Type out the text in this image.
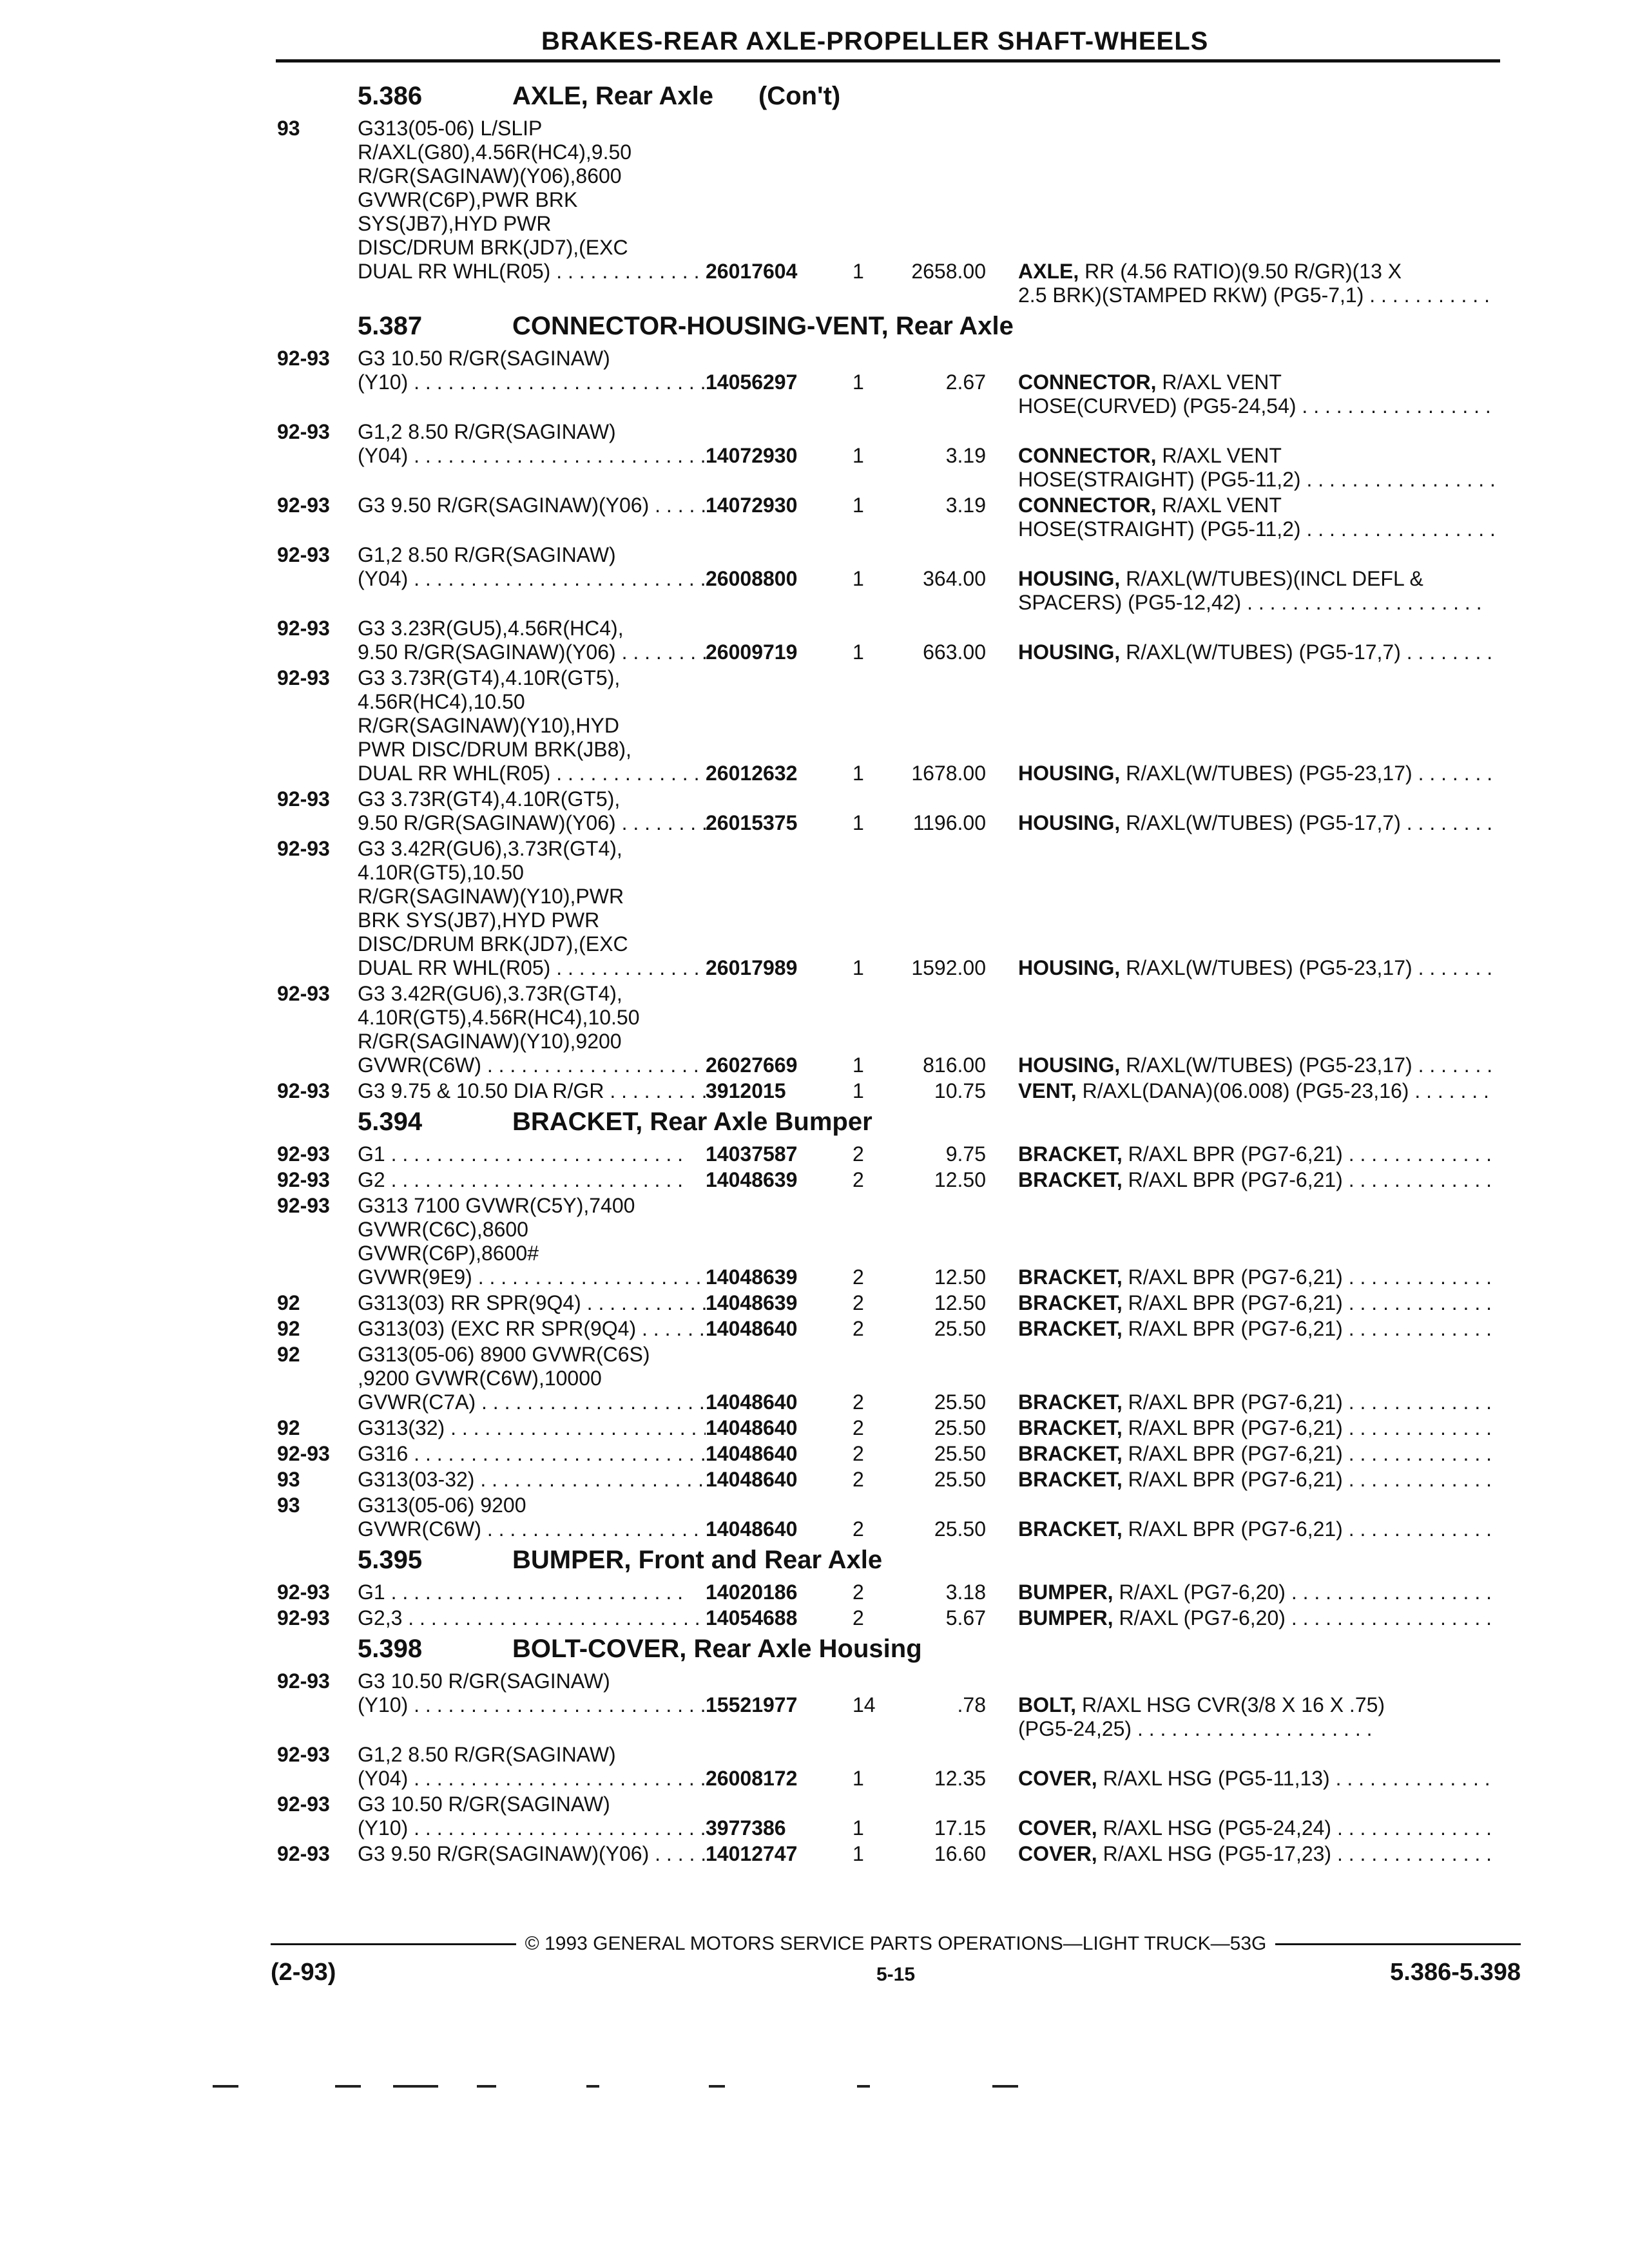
BRAKES-REAR AXLE-PROPELLER SHAFT-WHEELS
5.386	AXLE, Rear Axle (Con't)
93	G313(05-06) L/SLIP
R/AXL(G80),4.56R(HC4),9.50
R/GR(SAGINAW)(Y06),8600
GVWR(C6P),PWR BRK
SYS(JB7),HYD PWR
DISC/DRUM BRK(JD7),(EXC
DUAL RR WHL(R05) . . . .	26017604	1	2658.00	AXLE, RR (4.56 RATIO)(9.50 R/GR)(13 X
2.5 BRK)(STAMPED RKW) (PG5-7,1) . . .
5.387	CONNECTOR-HOUSING-VENT, Rear Axle
92-93	G3 10.50 R/GR(SAGINAW)
(Y10) . . .	14056297	1	2.67	CONNECTOR, R/AXL VENT
HOSE(CURVED) (PG5-24,54) . . .
92-93	G1,2 8.50 R/GR(SAGINAW)
(Y04) . . .	14072930	1	3.19	CONNECTOR, R/AXL VENT
HOSE(STRAIGHT) (PG5-11,2) . . .
92-93	G3 9.50 R/GR(SAGINAW)(Y06) . . .	14072930	1	3.19	CONNECTOR, R/AXL VENT
HOSE(STRAIGHT) (PG5-11,2) . . .
92-93	G1,2 8.50 R/GR(SAGINAW)
(Y04) . . .	26008800	1	364.00	HOUSING, R/AXL(W/TUBES)(INCL DEFL &
SPACERS) (PG5-12,42) . . .
92-93	G3 3.23R(GU5),4.56R(HC4),
9.50 R/GR(SAGINAW)(Y06) . . .	26009719	1	663.00	HOUSING, R/AXL(W/TUBES) (PG5-17,7) . . .
92-93	G3 3.73R(GT4),4.10R(GT5),
4.56R(HC4),10.50
R/GR(SAGINAW)(Y10),HYD
PWR DISC/DRUM BRK(JB8),
DUAL RR WHL(R05) . . .	26012632	1	1678.00	HOUSING, R/AXL(W/TUBES) (PG5-23,17) . . .
92-93	G3 3.73R(GT4),4.10R(GT5),
9.50 R/GR(SAGINAW)(Y06) . . .	26015375	1	1196.00	HOUSING, R/AXL(W/TUBES) (PG5-17,7) . . .
92-93	G3 3.42R(GU6),3.73R(GT4),
4.10R(GT5),10.50
R/GR(SAGINAW)(Y10),PWR
BRK SYS(JB7),HYD PWR
DISC/DRUM BRK(JD7),(EXC
DUAL RR WHL(R05) . . .	26017989	1	1592.00	HOUSING, R/AXL(W/TUBES) (PG5-23,17) . . .
92-93	G3 3.42R(GU6),3.73R(GT4),
4.10R(GT5),4.56R(HC4),10.50
R/GR(SAGINAW)(Y10),9200
GVWR(C6W) . . .	26027669	1	816.00	HOUSING, R/AXL(W/TUBES) (PG5-23,17) . . .
92-93	G3 9.75 & 10.50 DIA R/GR . . .	3912015	1	10.75	VENT, R/AXL(DANA)(06.008) (PG5-23,16) . . .
5.394	BRACKET, Rear Axle Bumper
92-93	G1 . . .	14037587	2	9.75	BRACKET, R/AXL BPR (PG7-6,21) . . .
92-93	G2 . . .	14048639	2	12.50	BRACKET, R/AXL BPR (PG7-6,21) . . .
92-93	G313 7100 GVWR(C5Y),7400
GVWR(C6C),8600
GVWR(C6P),8600#
GVWR(9E9) . . .	14048639	2	12.50	BRACKET, R/AXL BPR (PG7-6,21) . . .
92	G313(03) RR SPR(9Q4) . . .	14048639	2	12.50	BRACKET, R/AXL BPR (PG7-6,21) . . .
92	G313(03) (EXC RR SPR(9Q4) . . .	14048640	2	25.50	BRACKET, R/AXL BPR (PG7-6,21) . . .
92	G313(05-06) 8900 GVWR(C6S)
,9200 GVWR(C6W),10000
GVWR(C7A) . . .	14048640	2	25.50	BRACKET, R/AXL BPR (PG7-6,21) . . .
92	G313(32) . . .	14048640	2	25.50	BRACKET, R/AXL BPR (PG7-6,21) . . .
92-93	G316 . . .	14048640	2	25.50	BRACKET, R/AXL BPR (PG7-6,21) . . .
93	G313(03-32) . . .	14048640	2	25.50	BRACKET, R/AXL BPR (PG7-6,21) . . .
93	G313(05-06) 9200
GVWR(C6W) . . .	14048640	2	25.50	BRACKET, R/AXL BPR (PG7-6,21) . . .
5.395	BUMPER, Front and Rear Axle
92-93	G1 . . .	14020186	2	3.18	BUMPER, R/AXL (PG7-6,20) . . .
92-93	G2,3 . . .	14054688	2	5.67	BUMPER, R/AXL (PG7-6,20) . . .
5.398	BOLT-COVER, Rear Axle Housing
92-93	G3 10.50 R/GR(SAGINAW)
(Y10) . . .	15521977	14	.78	BOLT, R/AXL HSG CVR(3/8 X 16 X .75)
(PG5-24,25) . . .
92-93	G1,2 8.50 R/GR(SAGINAW)
(Y04) . . .	26008172	1	12.35	COVER, R/AXL HSG (PG5-11,13) . . .
92-93	G3 10.50 R/GR(SAGINAW)
(Y10) . . .	3977386	1	17.15	COVER, R/AXL HSG (PG5-24,24) . . .
92-93	G3 9.50 R/GR(SAGINAW)(Y06) . . .	14012747	1	16.60	COVER, R/AXL HSG (PG5-17,23) . . .
© 1993 GENERAL MOTORS SERVICE PARTS OPERATIONS—LIGHT TRUCK—53G
(2-93)	5-15	5.386-5.398
